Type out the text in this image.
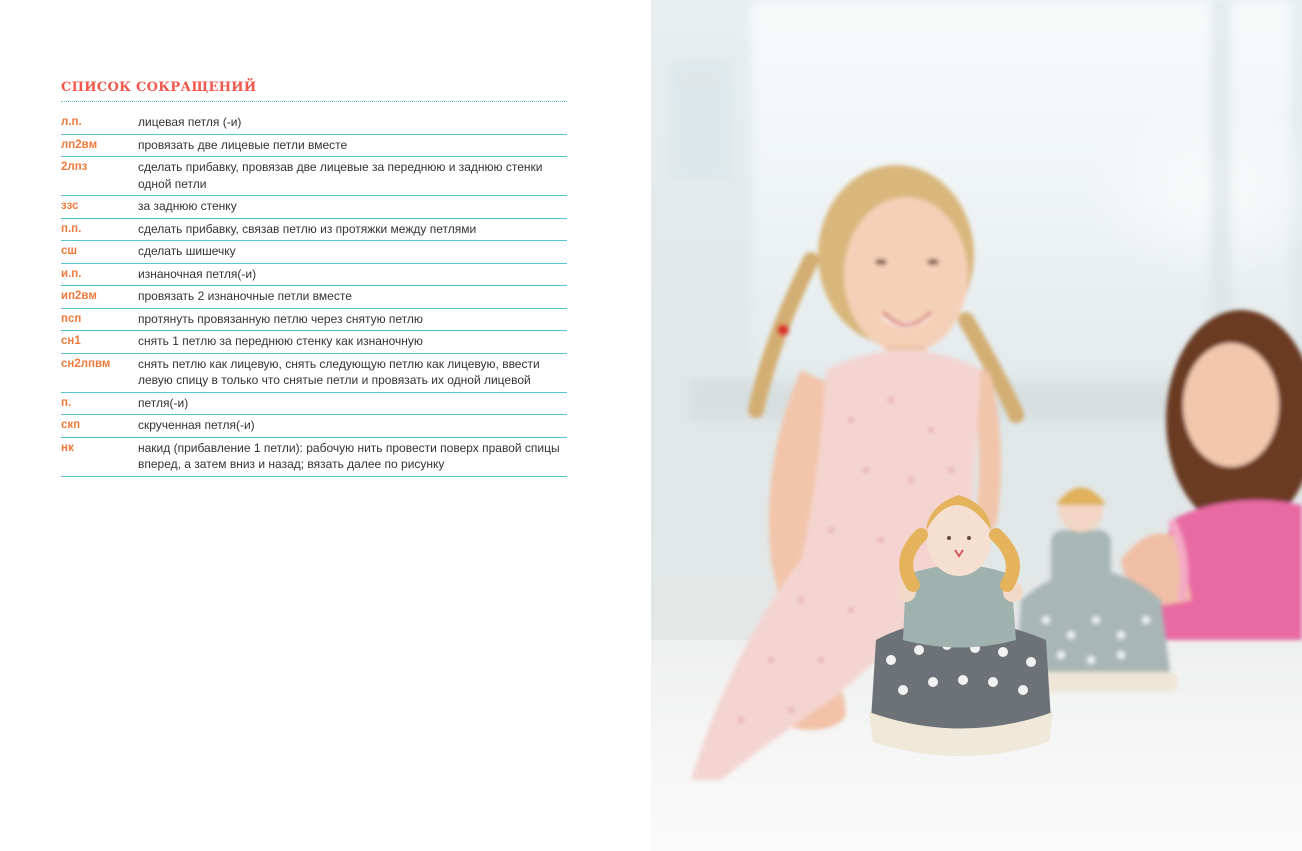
СПИСОК СОКРАЩЕНИЙ
л.п.	лицевая петля (-и)
лп2вм	провязать две лицевые петли вместе
2лпз	сделать прибавку, провязав две лицевые за переднюю и заднюю стенки одной петли
ззс	за заднюю стенку
п.п.	сделать прибавку, связав петлю из протяжки между петлями
сш	сделать шишечку
и.п.	изнаночная петля(-и)
ип2вм	провязать 2 изнаночные петли вместе
псп	протянуть провязанную петлю через снятую петлю
сн1	снять 1 петлю за переднюю стенку как изнаночную
сн2лпвм	снять петлю как лицевую, снять следующую петлю как лицевую, ввести левую спицу в только что снятые петли и провязать их одной лицевой
п.	петля(-и)
скп	скрученная петля(-и)
нк	накид (прибавление 1 петли): рабочую нить провести поверх правой спицы вперед, а затем вниз и назад; вязать далее по рисунку
